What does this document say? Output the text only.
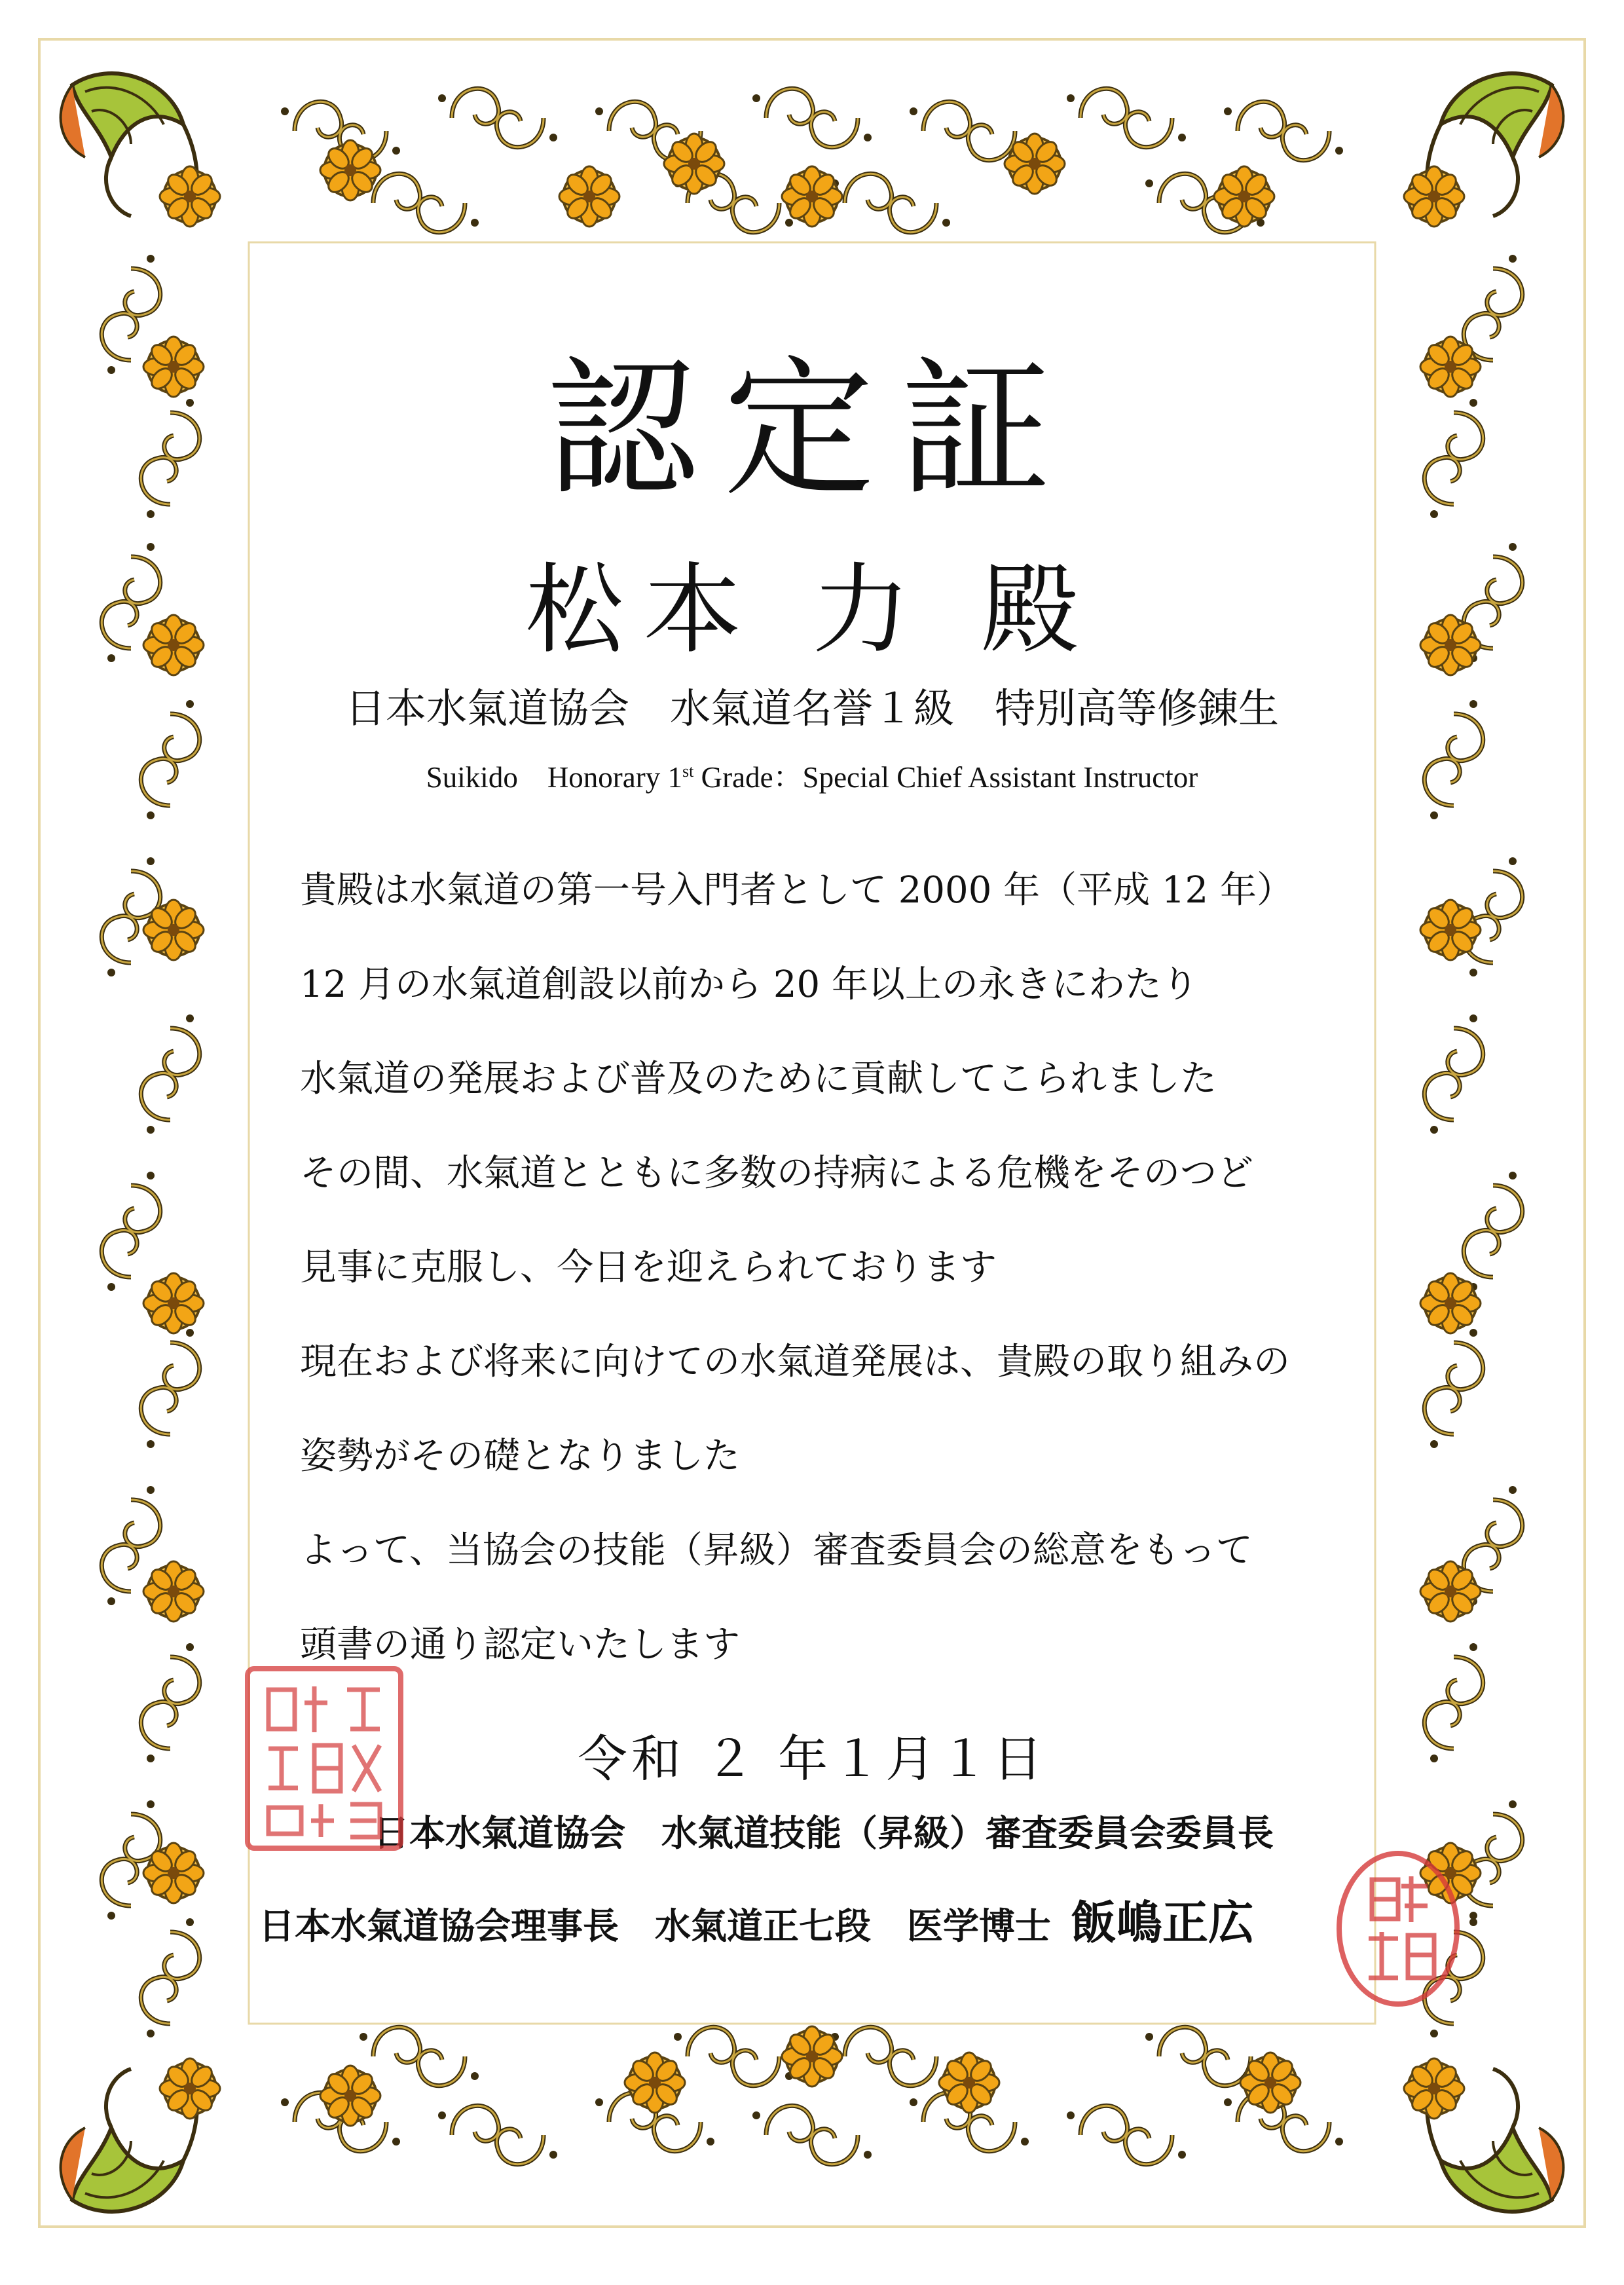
認定証
松本 力 殿
日本水氣道協会　水氣道名誉１級　特別高等修錬生
Suikido　Honorary 1st Grade：Special Chief Assistant Instructor
貴殿は水氣道の第一号入門者として 2000 年（平成 12 年）
12 月の水氣道創設以前から 20 年以上の永きにわたり
水氣道の発展および普及のために貢献してこられました
その間、水氣道とともに多数の持病による危機をそのつど
見事に克服し、今日を迎えられております
現在および将来に向けての水氣道発展は、貴殿の取り組みの
姿勢がその礎となりました
よって、当協会の技能（昇級）審査委員会の総意をもって
頭書の通り認定いたします
令和 ２ 年１月１日
日本水氣道協会　水氣道技能（昇級）審査委員会委員長
日本水氣道協会理事長　水氣道正七段　医学博士 飯嶋正広
